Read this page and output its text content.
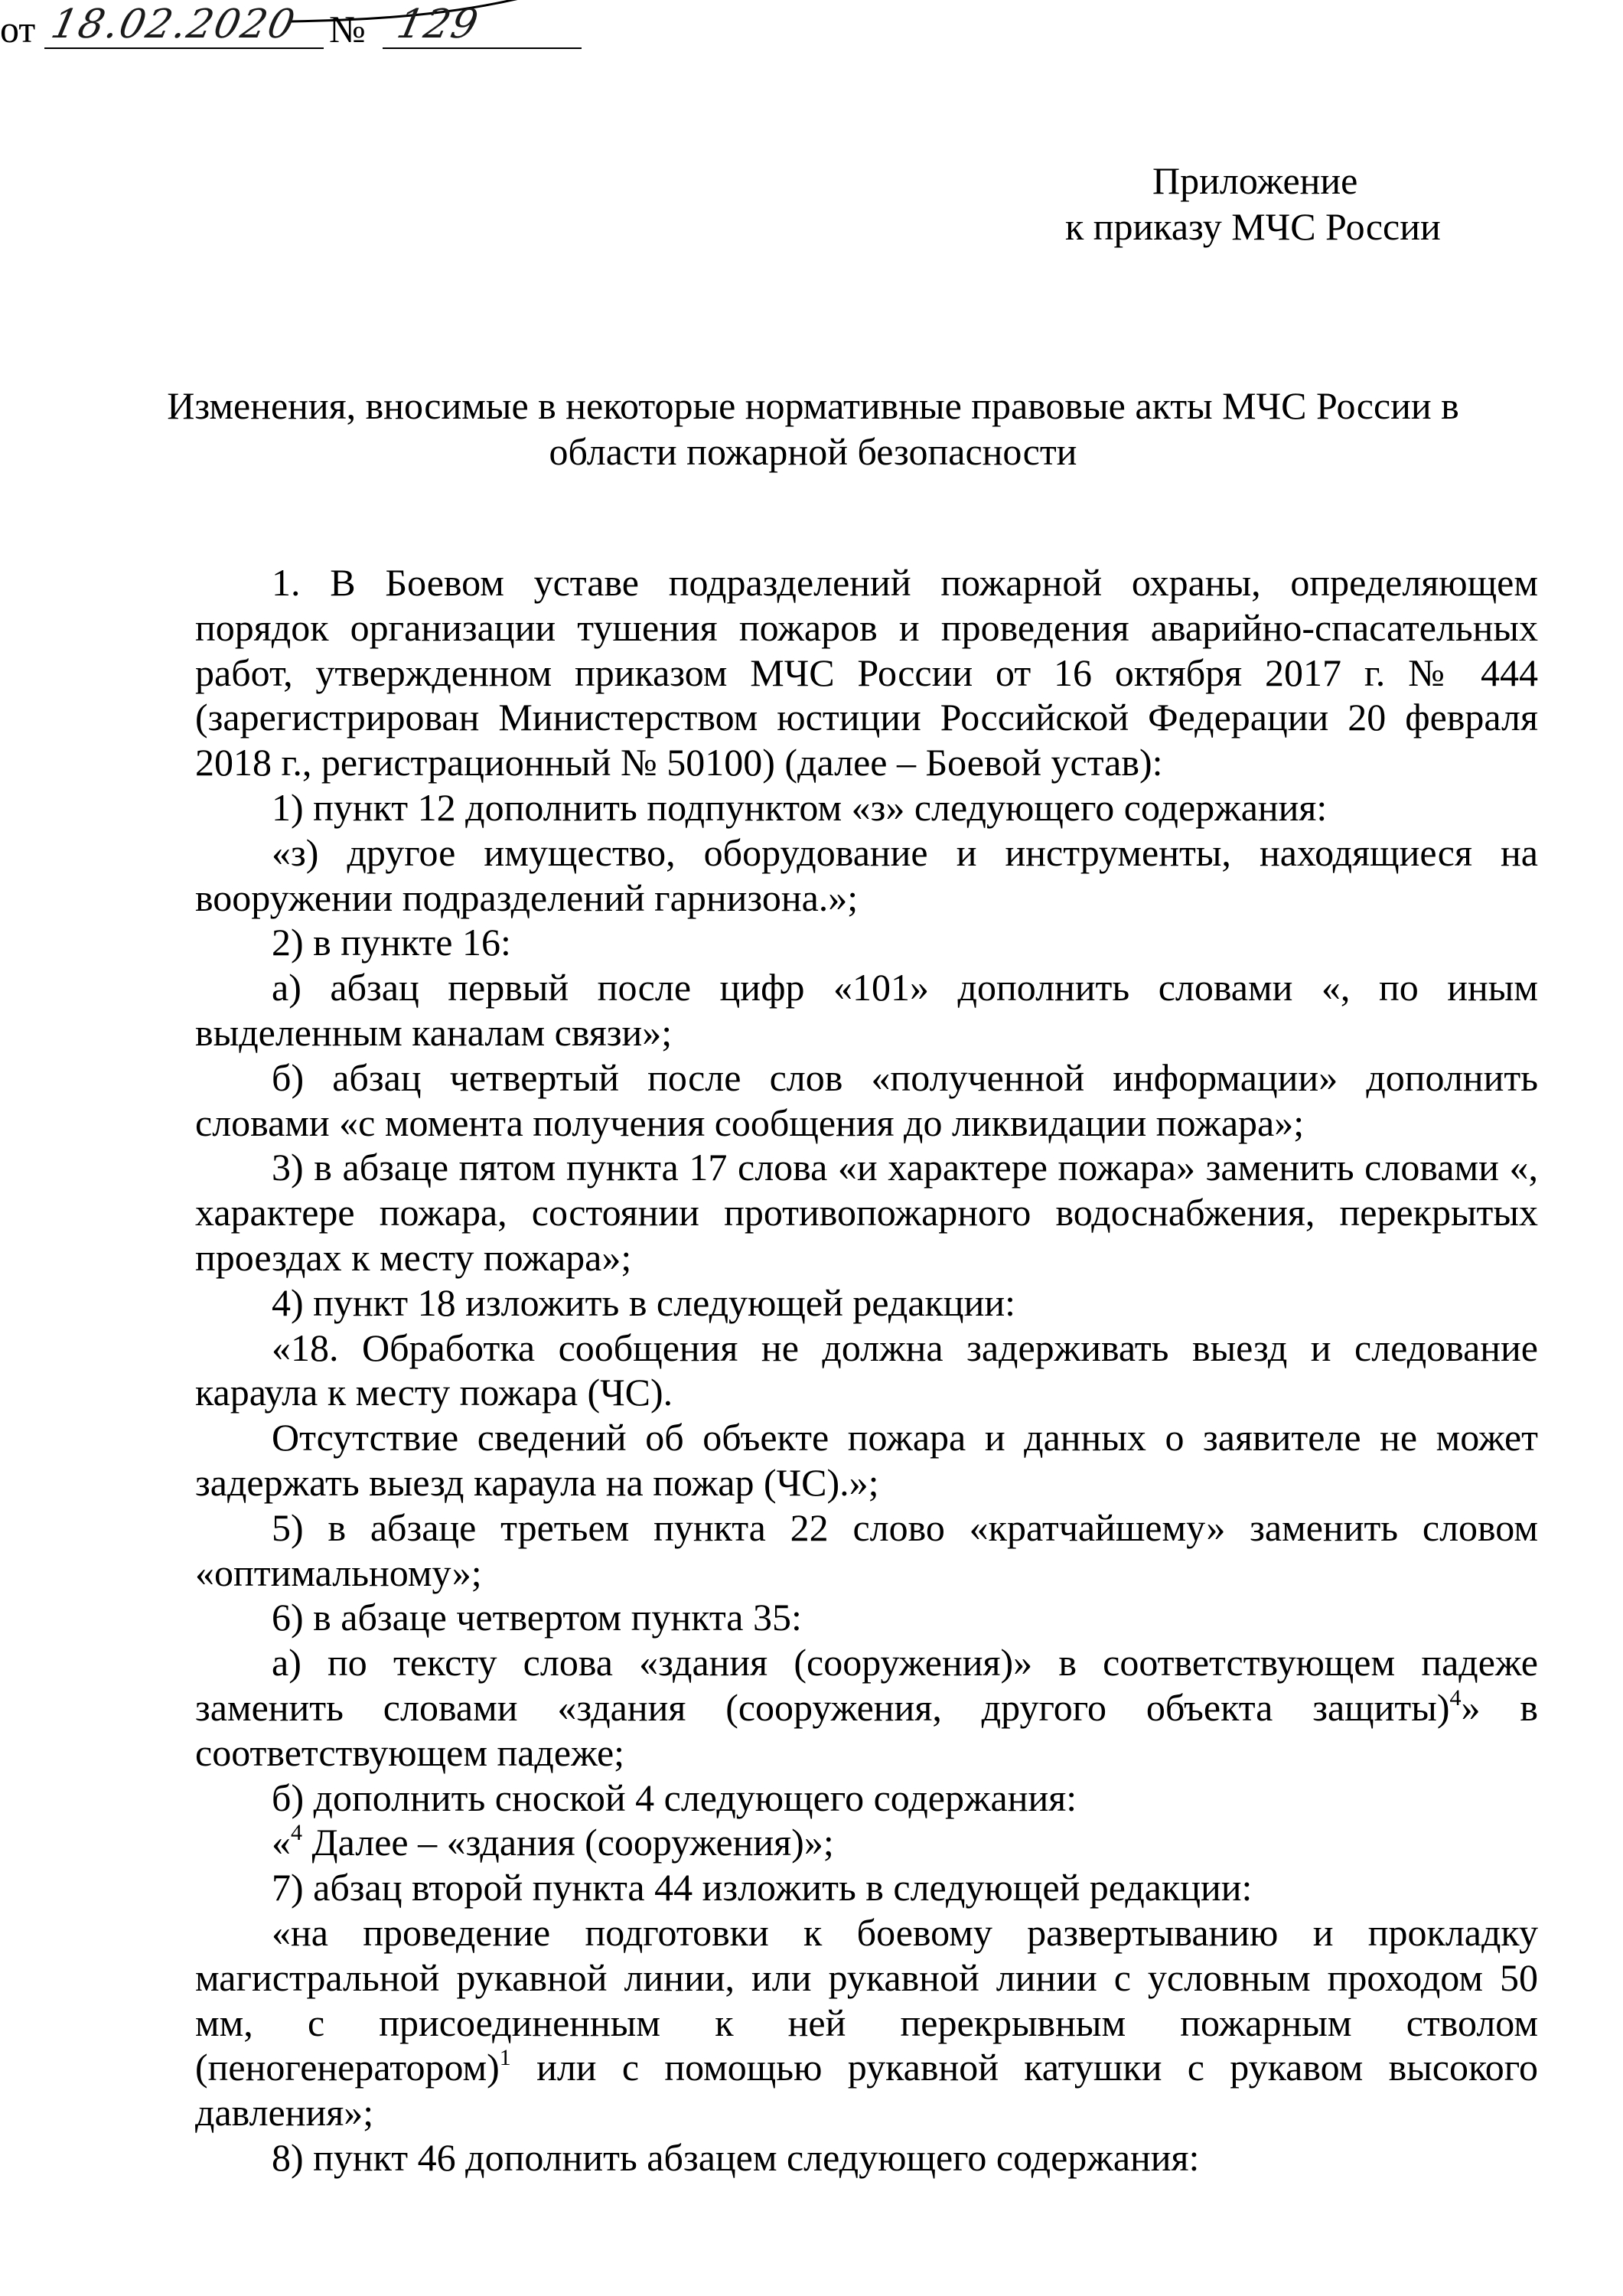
Приложение
к приказу МЧС России
от 18.02.2020 № 129
Изменения, вносимые в некоторые нормативные правовые акты МЧС России в
области пожарной безопасности

1. В Боевом уставе подразделений пожарной охраны, определяющем порядок организации тушения пожаров и проведения аварийно-спасательных работ, утвержденном приказом МЧС России от 16 октября 2017 г. № 444 (зарегистрирован Министерством юстиции Российской Федерации 20 февраля 2018 г., регистрационный № 50100) (далее – Боевой устав):

1) пункт 12 дополнить подпунктом «з» следующего содержания:

«з) другое имущество, оборудование и инструменты, находящиеся на вооружении подразделений гарнизона.»;

2) в пункте 16:

а) абзац первый после цифр «101» дополнить словами «, по иным выделенным каналам связи»;

б) абзац четвертый после слов «полученной информации» дополнить словами «с момента получения сообщения до ликвидации пожара»;

3) в абзаце пятом пункта 17 слова «и характере пожара» заменить словами «, характере пожара, состоянии противопожарного водоснабжения, перекрытых проездах к месту пожара»;

4) пункт 18 изложить в следующей редакции:

«18. Обработка сообщения не должна задерживать выезд и следование караула к месту пожара (ЧС).

Отсутствие сведений об объекте пожара и данных о заявителе не может задержать выезд караула на пожар (ЧС).»;

5) в абзаце третьем пункта 22 слово «кратчайшему» заменить словом «оптимальному»;

6) в абзаце четвертом пункта 35:

а) по тексту слова «здания (сооружения)» в соответствующем падеже заменить словами «здания (сооружения, другого объекта защиты)$^4$» в соответствующем падеже;

б) дополнить сноской 4 следующего содержания:

«$^4$ Далее – «здания (сооружения)»;

7) абзац второй пункта 44 изложить в следующей редакции:

«на проведение подготовки к боевому развертыванию и прокладку магистральной рукавной линии, или рукавной линии с условным проходом 50 мм, с присоединенным к ней перекрывным пожарным стволом (пеногенератором)$^1$ или с помощью рукавной катушки с рукавом высокого давления»;

8) пункт 46 дополнить абзацем следующего содержания:
